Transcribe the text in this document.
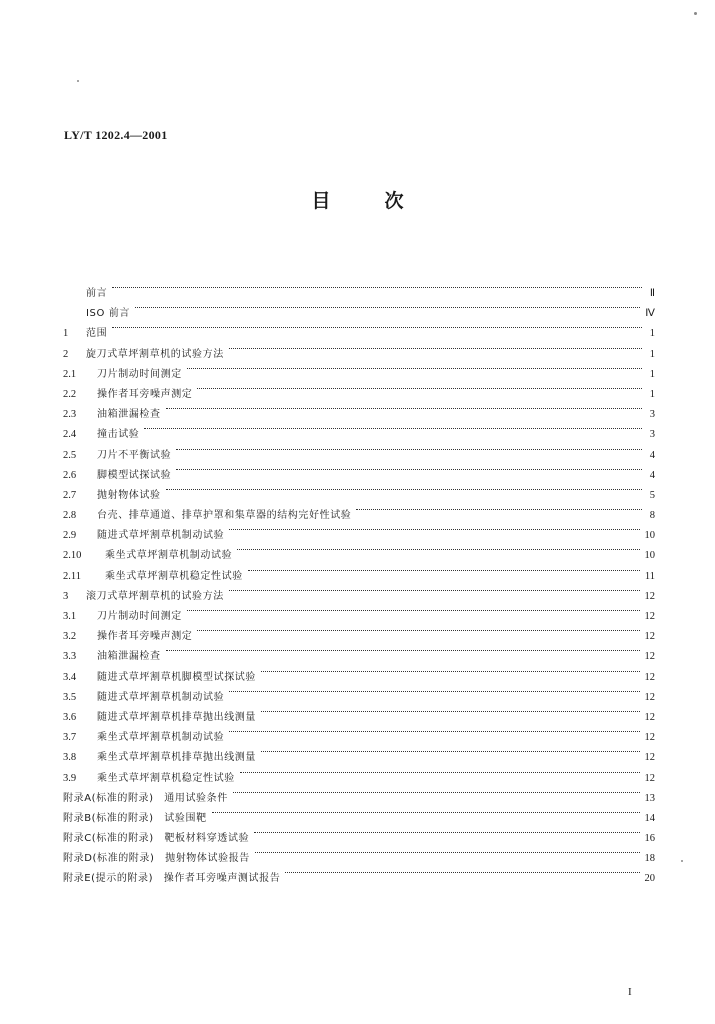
LY/T 1202.4—2001
目次
前言	Ⅱ
ISO 前言	Ⅳ
1	范围	1
2	旋刀式草坪割草机的试验方法	1
2.1	刀片制动时间测定	1
2.2	操作者耳旁噪声测定	1
2.3	油箱泄漏检查	3
2.4	撞击试验	3
2.5	刀片不平衡试验	4
2.6	脚模型试探试验	4
2.7	抛射物体试验	5
2.8	台壳、排草通道、排草护罩和集草器的结构完好性试验	8
2.9	随进式草坪割草机制动试验	10
2.10	乘坐式草坪割草机制动试验	10
2.11	乘坐式草坪割草机稳定性试验	11
3	滚刀式草坪割草机的试验方法	12
3.1	刀片制动时间测定	12
3.2	操作者耳旁噪声测定	12
3.3	油箱泄漏检查	12
3.4	随进式草坪割草机脚模型试探试验	12
3.5	随进式草坪割草机制动试验	12
3.6	随进式草坪割草机排草抛出线测量	12
3.7	乘坐式草坪割草机制动试验	12
3.8	乘坐式草坪割草机排草抛出线测量	12
3.9	乘坐式草坪割草机稳定性试验	12
附录A(标准的附录)　通用试验条件	13
附录B(标准的附录)　试验围靶	14
附录C(标准的附录)　靶板材料穿透试验	16
附录D(标准的附录)　抛射物体试验报告	18
附录E(提示的附录)　操作者耳旁噪声测试报告	20
I
